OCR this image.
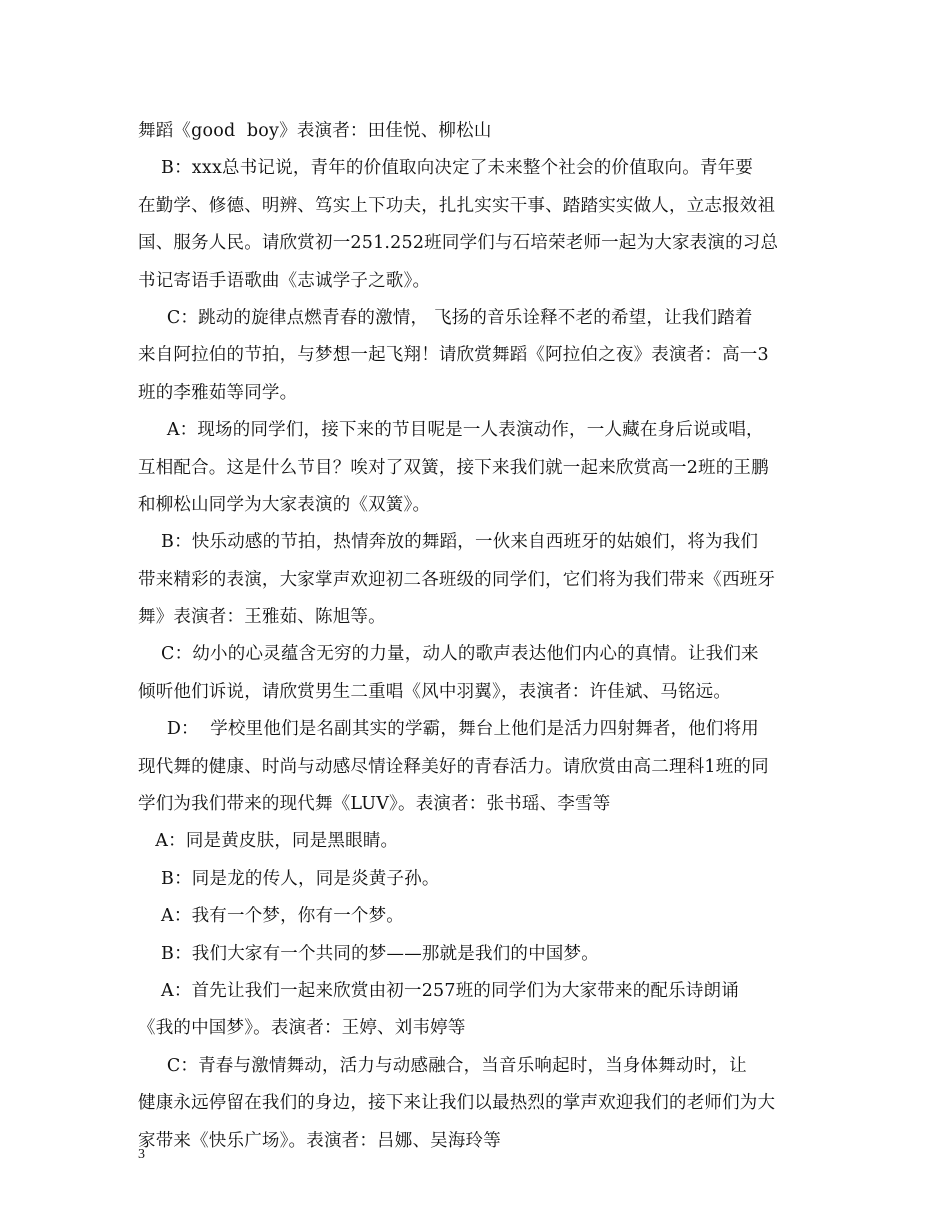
舞蹈《good  boy》表演者：田佳悦、柳松山
B：xxx总书记说，青年的价值取向决定了未来整个社会的价值取向。青年要
在勤学、修德、明辨、笃实上下功夫，扎扎实实干事、踏踏实实做人，立志报效祖
国、服务人民。请欣赏初一251.252班同学们与石培荣老师一起为大家表演的习总
书记寄语手语歌曲《志诚学子之歌》。
C：跳动的旋律点燃青春的激情， 飞扬的音乐诠释不老的希望，让我们踏着
来自阿拉伯的节拍，与梦想一起飞翔！请欣赏舞蹈《阿拉伯之夜》表演者：高一3
班的李雅茹等同学。
A：现场的同学们，接下来的节目呢是一人表演动作，一人藏在身后说或唱，
互相配合。这是什么节目？唉对了双簧，接下来我们就一起来欣赏高一2班的王鹏
和柳松山同学为大家表演的《双簧》。
B：快乐动感的节拍，热情奔放的舞蹈，一伙来自西班牙的姑娘们，将为我们
带来精彩的表演，大家掌声欢迎初二各班级的同学们，它们将为我们带来《西班牙
舞》表演者：王雅茹、陈旭等。
C：幼小的心灵蕴含无穷的力量，动人的歌声表达他们内心的真情。让我们来
倾听他们诉说，请欣赏男生二重唱《风中羽翼》，表演者：许佳斌、马铭远。
D：  学校里他们是名副其实的学霸，舞台上他们是活力四射舞者，他们将用
现代舞的健康、时尚与动感尽情诠释美好的青春活力。请欣赏由高二理科1班的同
学们为我们带来的现代舞《LUV》。表演者：张书瑶、李雪等
A：同是黄皮肤，同是黑眼睛。
B：同是龙的传人，同是炎黄子孙。
A：我有一个梦，你有一个梦。
B：我们大家有一个共同的梦——那就是我们的中国梦。
A：首先让我们一起来欣赏由初一257班的同学们为大家带来的配乐诗朗诵
《我的中国梦》。表演者：王婷、刘韦婷等
C：青春与激情舞动，活力与动感融合，当音乐响起时，当身体舞动时，让
健康永远停留在我们的身边，接下来让我们以最热烈的掌声欢迎我们的老师们为大
家带来《快乐广场》。表演者：吕娜、吴海玲等
3
